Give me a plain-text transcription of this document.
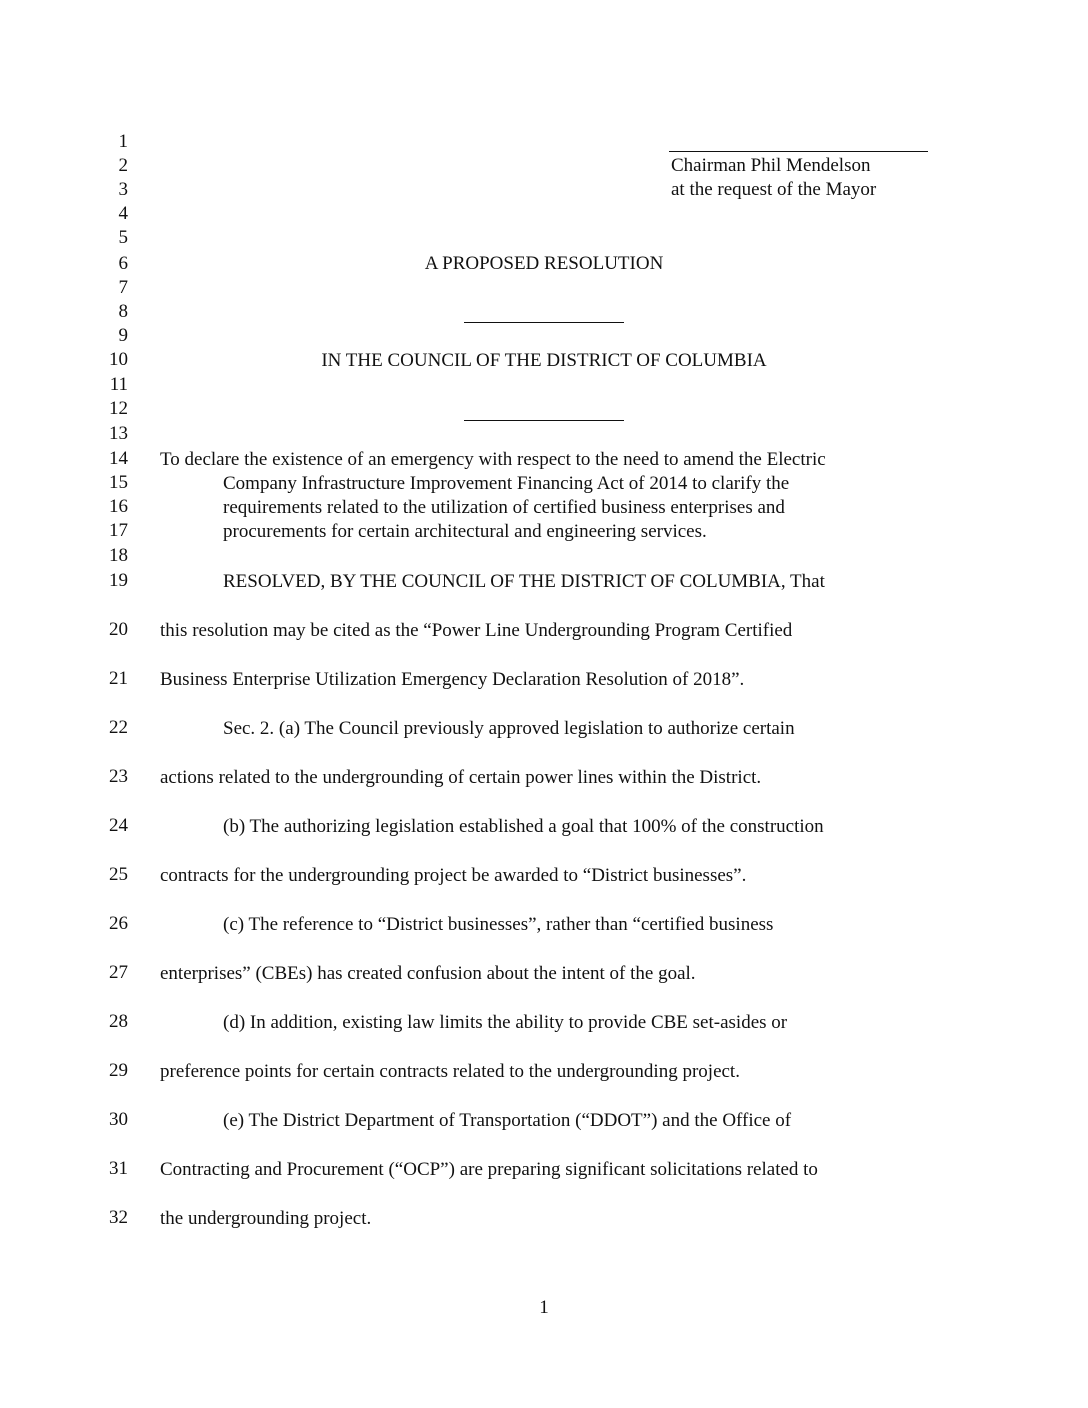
1
2
3
4
5
6
7
8
9
10
11
12
13
14
15
16
17
18
19
20
21
22
23
24
25
26
27
28
29
30
31
32
Chairman Phil Mendelson
at the request of the Mayor
A PROPOSED RESOLUTION
IN THE COUNCIL OF THE DISTRICT OF COLUMBIA
To declare the existence of an emergency with respect to the need to amend the Electric
Company Infrastructure Improvement Financing Act of 2014 to clarify the
requirements related to the utilization of certified business enterprises and
procurements for certain architectural and engineering services.
RESOLVED, BY THE COUNCIL OF THE DISTRICT OF COLUMBIA, That
this resolution may be cited as the “Power Line Undergrounding Program Certified
Business Enterprise Utilization Emergency Declaration Resolution of 2018”.
Sec. 2. (a) The Council previously approved legislation to authorize certain
actions related to the undergrounding of certain power lines within the District.
(b) The authorizing legislation established a goal that 100% of the construction
contracts for the undergrounding project be awarded to “District businesses”.
(c) The reference to “District businesses”, rather than “certified business
enterprises” (CBEs) has created confusion about the intent of the goal.
(d) In addition, existing law limits the ability to provide CBE set-asides or
preference points for certain contracts related to the undergrounding project.
(e) The District Department of Transportation (“DDOT”) and the Office of
Contracting and Procurement (“OCP”) are preparing significant solicitations related to
the undergrounding project.
1
